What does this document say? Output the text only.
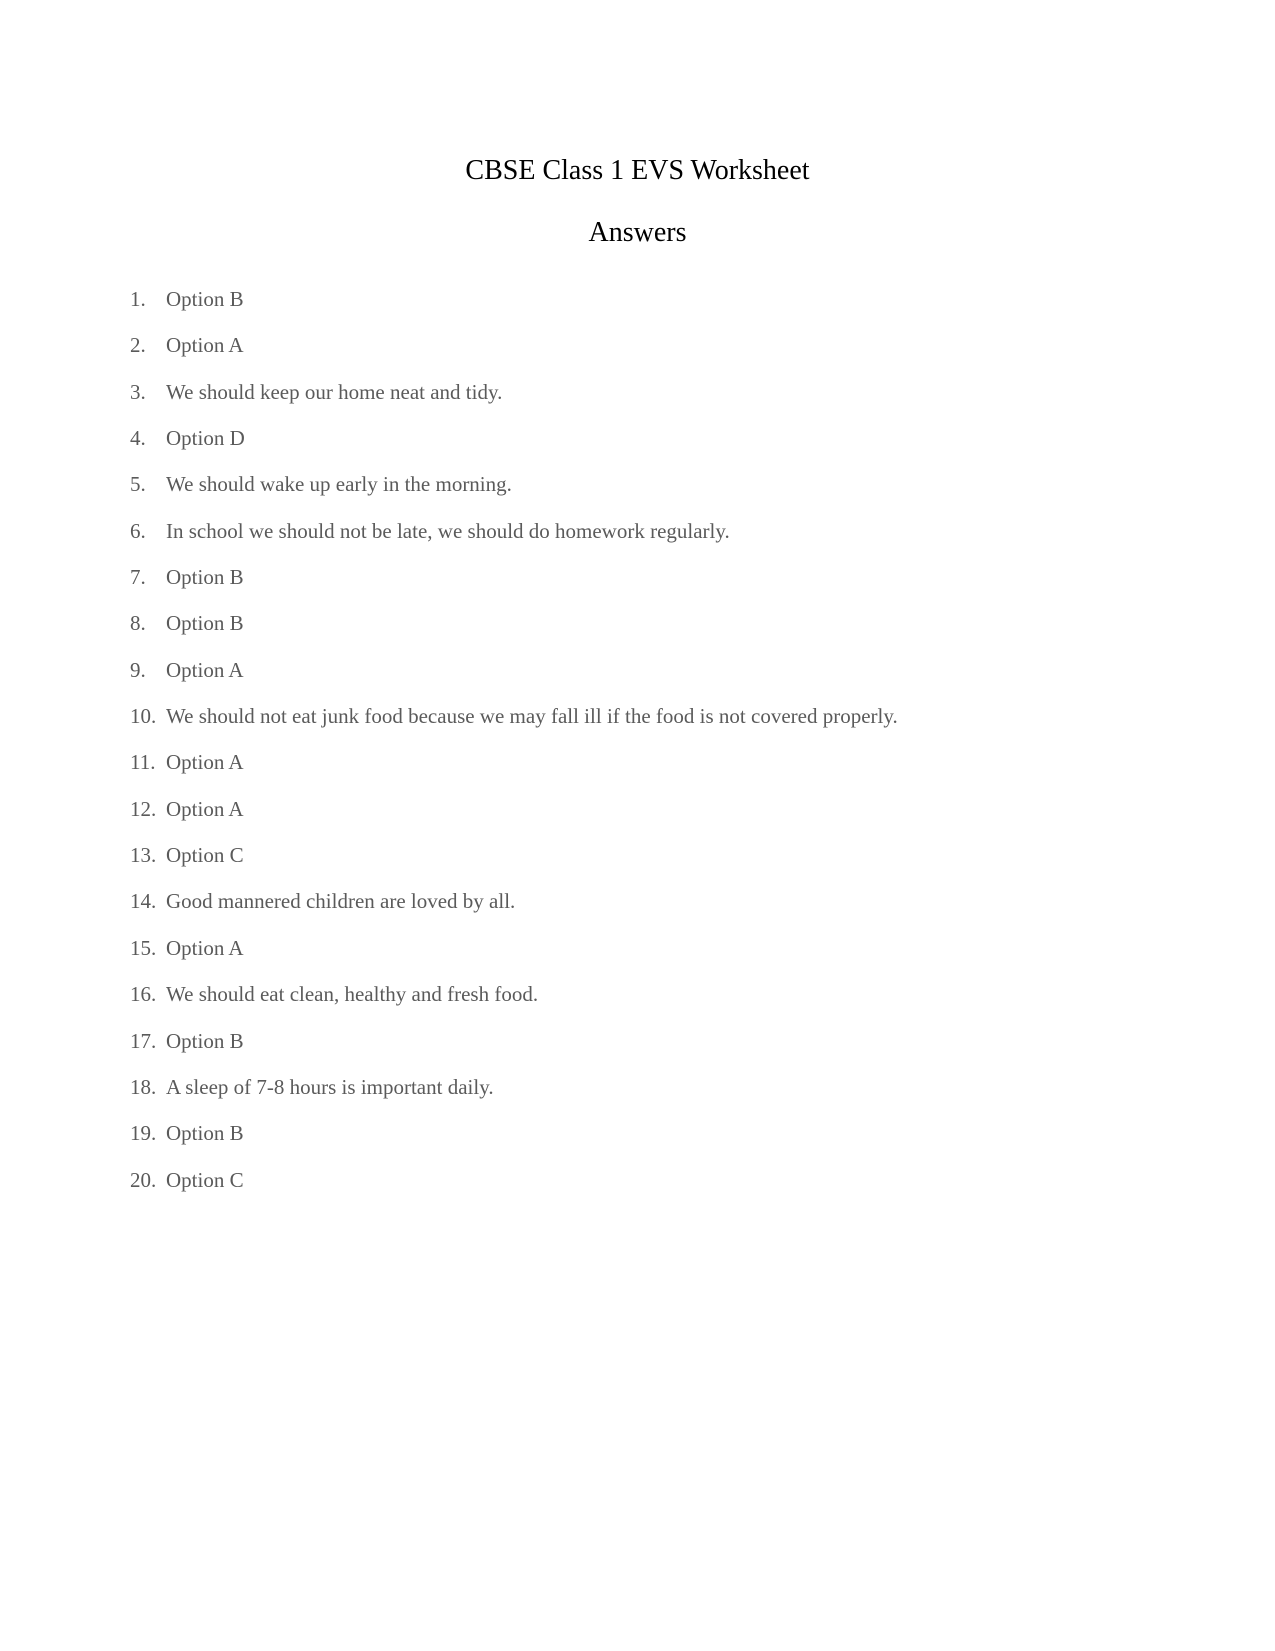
CBSE Class 1 EVS Worksheet
Answers
1. Option B
2. Option A
3. We should keep our home neat and tidy.
4. Option D
5. We should wake up early in the morning.
6. In school we should not be late, we should do homework regularly.
7. Option B
8. Option B
9. Option A
10. We should not eat junk food because we may fall ill if the food is not covered properly.
11. Option A
12. Option A
13. Option C
14. Good mannered children are loved by all.
15. Option A
16. We should eat clean, healthy and fresh food.
17. Option B
18. A sleep of 7-8 hours is important daily.
19. Option B
20. Option C
